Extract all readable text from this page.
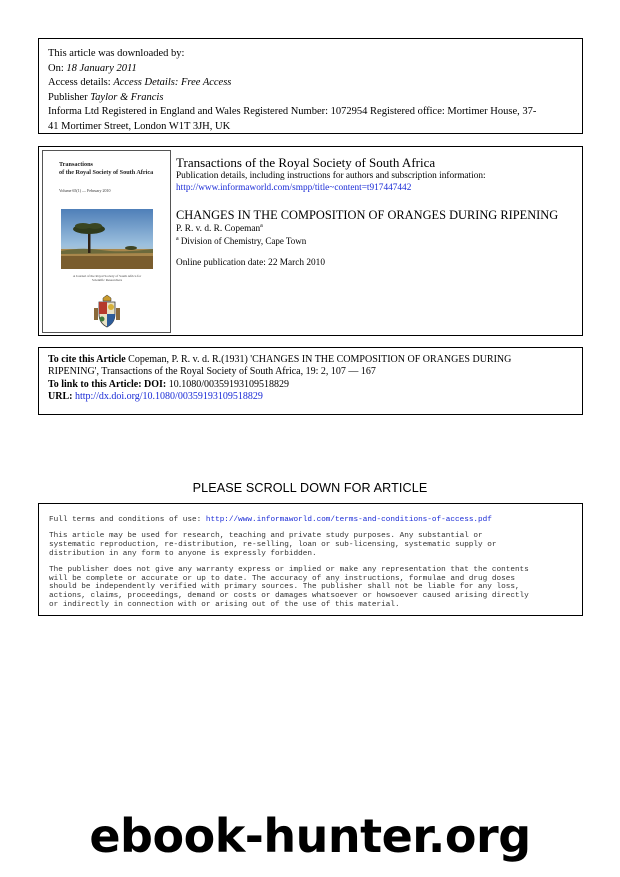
This article was downloaded by:
On: 18 January 2011
Access details: Access Details: Free Access
Publisher Taylor & Francis
Informa Ltd Registered in England and Wales Registered Number: 1072954 Registered office: Mortimer House, 37-
41 Mortimer Street, London W1T 3JH, UK
Transactions
of the Royal Society of South Africa
Volume 65(1) — February 2010
A Journal of the Royal Society of South Africa for Scientific Researchers
Transactions of the Royal Society of South Africa
Publication details, including instructions for authors and subscription information:
http://www.informaworld.com/smpp/title~content=t917447442
CHANGES IN THE COMPOSITION OF ORANGES DURING RIPENING
P. R. v. d. R. Copeman$^a$
$^a$ Division of Chemistry, Cape Town
Online publication date: 22 March 2010
To cite this Article Copeman, P. R. v. d. R.(1931) 'CHANGES IN THE COMPOSITION OF ORANGES DURING
RIPENING', Transactions of the Royal Society of South Africa, 19: 2, 107 — 167
To link to this Article: DOI: 10.1080/00359193109518829
URL: http://dx.doi.org/10.1080/00359193109518829
PLEASE SCROLL DOWN FOR ARTICLE
Full terms and conditions of use: http://www.informaworld.com/terms-and-conditions-of-access.pdf
This article may be used for research, teaching and private study purposes. Any substantial or
systematic reproduction, re-distribution, re-selling, loan or sub-licensing, systematic supply or
distribution in any form to anyone is expressly forbidden.
The publisher does not give any warranty express or implied or make any representation that the contents
will be complete or accurate or up to date. The accuracy of any instructions, formulae and drug doses
should be independently verified with primary sources. The publisher shall not be liable for any loss,
actions, claims, proceedings, demand or costs or damages whatsoever or howsoever caused arising directly
or indirectly in connection with or arising out of the use of this material.
ebook-hunter.org
